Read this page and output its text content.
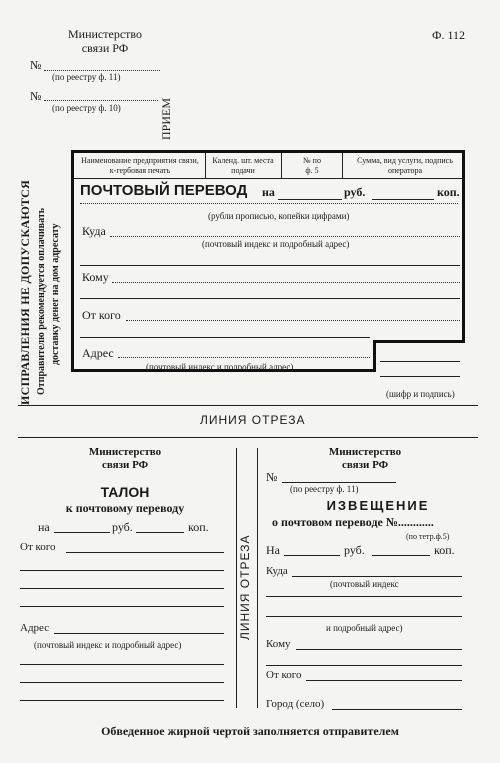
Министерство
связи РФ
Ф. 112
№
(по реестру ф. 11)
№
(по реестру ф. 10)	ПРИЕМ
ИСПРАВЛЕНИЯ НЕ ДОПУСКАЮТСЯ Отправителю рекомендуется оплачивать доставку денег на дом адресату
Наименование предприятия связи, к-гербовая печать
Календ. шт. места подачи
№ по ф. 5
Сумма, вид услуги, подпись оператора
ПОЧТОВЫЙ ПЕРЕВОД на	руб.	коп.
(рубли прописью, копейки цифрами)
Куда
(почтовый индекс и подробный адрес)
Кому
От кого
Адрес
(почтовый индекс и подробный адрес)
(шифр и подпись)
ЛИНИЯ ОТРЕЗА
ЛИНИЯ ОТРЕЗА
Министерство
связи РФ
ТАЛОН
к почтовому переводу
на	руб.	коп.
От кого
Адрес
(почтовый индекс и подробный адрес)
Министерство
связи РФ
№
(по реестру ф. 11)
ИЗВЕЩЕНИЕ
о почтовом переводе №............
(по тетр.ф.5)
На	руб.	коп.
Куда
(почтовый индекс
и подробный адрес)
Кому
От кого
Город (село)
Обведенное жирной чертой заполняется отправителем
